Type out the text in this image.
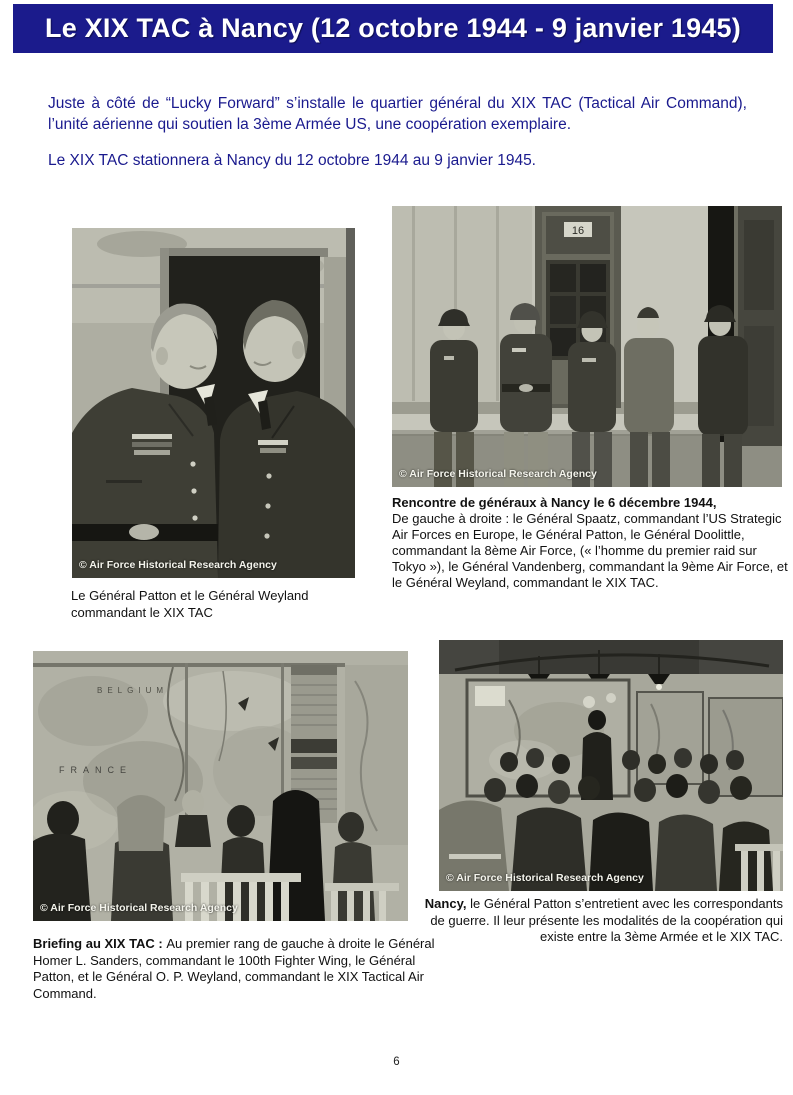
Le XIX TAC à Nancy (12 octobre 1944 - 9 janvier 1945)
Juste à côté de “Lucky Forward” s’installe le quartier général du XIX TAC (Tactical Air Command), l’unité aérienne qui soutien la 3ème Armée US, une coopération exemplaire.
Le XIX TAC stationnera à Nancy du 12 octobre 1944 au 9 janvier 1945.
© Air Force Historical Research Agency
Le Général Patton et le Général Weyland commandant le XIX TAC
16
© Air Force Historical Research Agency
Rencontre de généraux à Nancy le 6 décembre 1944,
De gauche à droite : le Général Spaatz, commandant l’US Strategic Air Forces en Europe, le Général Patton, le Général Doolittle, commandant la 8ème Air Force, (« l’homme du premier raid sur Tokyo »), le Général Vandenberg, commandant la 9ème Air Force, et le Général Weyland, commandant le XIX TAC.
BELGIUM
FRANCE
© Air Force Historical Research Agency
Briefing au XIX TAC : Au premier rang de gauche à droite le Général Homer L. Sanders, commandant le 100th Fighter Wing, le Général Patton, et le Général O. P. Weyland, commandant le XIX Tactical Air Command.
© Air Force Historical Research Agency
Nancy, le Général Patton s’entretient avec les correspondants de guerre. Il leur présente les modalités de la coopération qui existe entre la 3ème Armée et le XIX TAC.
6
